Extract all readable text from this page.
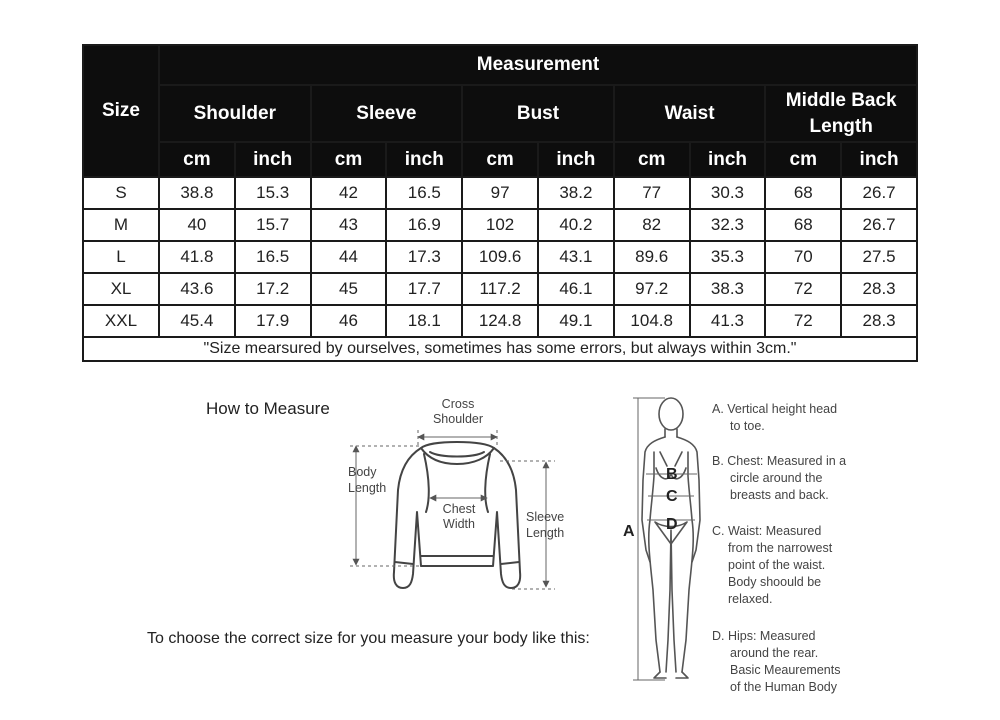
Size	Measurement									
	Shoulder		Sleeve		Bust		Waist		Middle Back Length	
	cm	inch	cm	inch	cm	inch	cm	inch	cm	inch
S	38.8	15.3	42	16.5	97	38.2	77	30.3	68	26.7
M	40	15.7	43	16.9	102	40.2	82	32.3	68	26.7
L	41.8	16.5	44	17.3	109.6	43.1	89.6	35.3	70	27.5
XL	43.6	17.2	45	17.7	117.2	46.1	97.2	38.3	72	28.3
XXL	45.4	17.9	46	18.1	124.8	49.1	104.8	41.3	72	28.3
"Size mearsured by ourselves, sometimes has some errors, but always within 3cm."										
How to Measure
To choose the correct size for you measure your body like this:
Cross
Shoulder
Body
Length
Chest
Width	Sleeve
Length	A
B
C
D
A. Vertical height head
to toe.
B. Chest: Measured in a
circle around the
breasts and back.
C. Waist: Measured
from the narrowest
point of the waist.
Body shoould be
relaxed.
D. Hips: Measured
around the rear.
Basic Meaurements
of the Human Body
